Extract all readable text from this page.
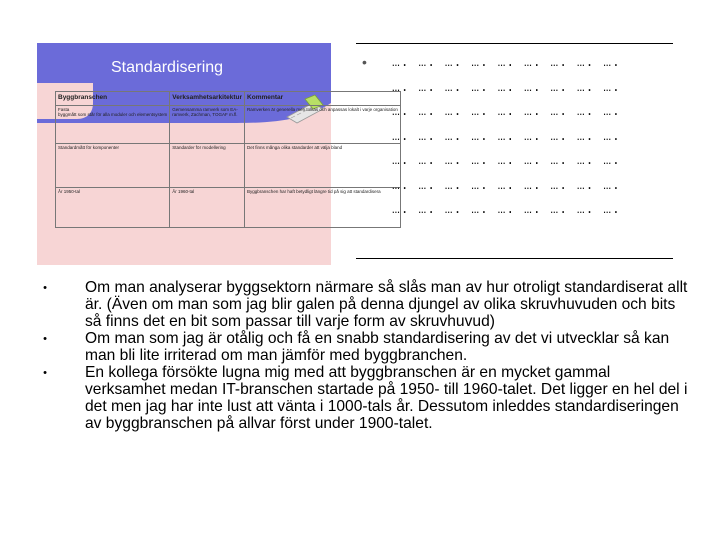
Standardisering
Byggbranschen	Verksamhetsarkitektur	Kommentar
Fasta byggmått som står för alla moduler och elementsystem	Gemensamma ramverk som EA-ramverk, Zachman, TOGAF m.fl.	Ramverken är generella men tolkas och anpassas lokalt i varje organisation
Standardmått för komponenter	Standarder för modellering	Det finns många olika standarder att välja bland
År 1950-tal	År 1960-tal	Byggbranschen har haft betydligt längre tid på sig att standardisera
• …. …. …. …. …. …. …. …. ….
…. …. …. …. …. …. …. …. ….
…. …. …. …. …. …. …. …. ….
…. …. …. …. …. …. …. …. ….
…. …. …. …. …. …. …. …. ….
…. …. …. …. …. …. …. …. ….
…. …. …. …. …. …. …. …. ….
•	Om man analyserar byggsektorn närmare så slås man av hur otroligt standardiserat allt är. (Även om man som jag blir galen på denna djungel av olika skruvhuvuden och bits så finns det en bit som passar till varje form av skruvhuvud)
•	Om man som jag är otålig och få en snabb standardisering av det vi utvecklar så kan man bli lite irriterad om man jämför med byggbranchen.
•	En kollega försökte lugna mig med att byggbranschen är en mycket gammal verksamhet medan IT-branschen startade på 1950- till 1960-talet. Det ligger en hel del i det men jag har inte lust att vänta i 1000-tals år. Dessutom inleddes standardiseringen av byggbranschen på allvar först under 1900-talet.
